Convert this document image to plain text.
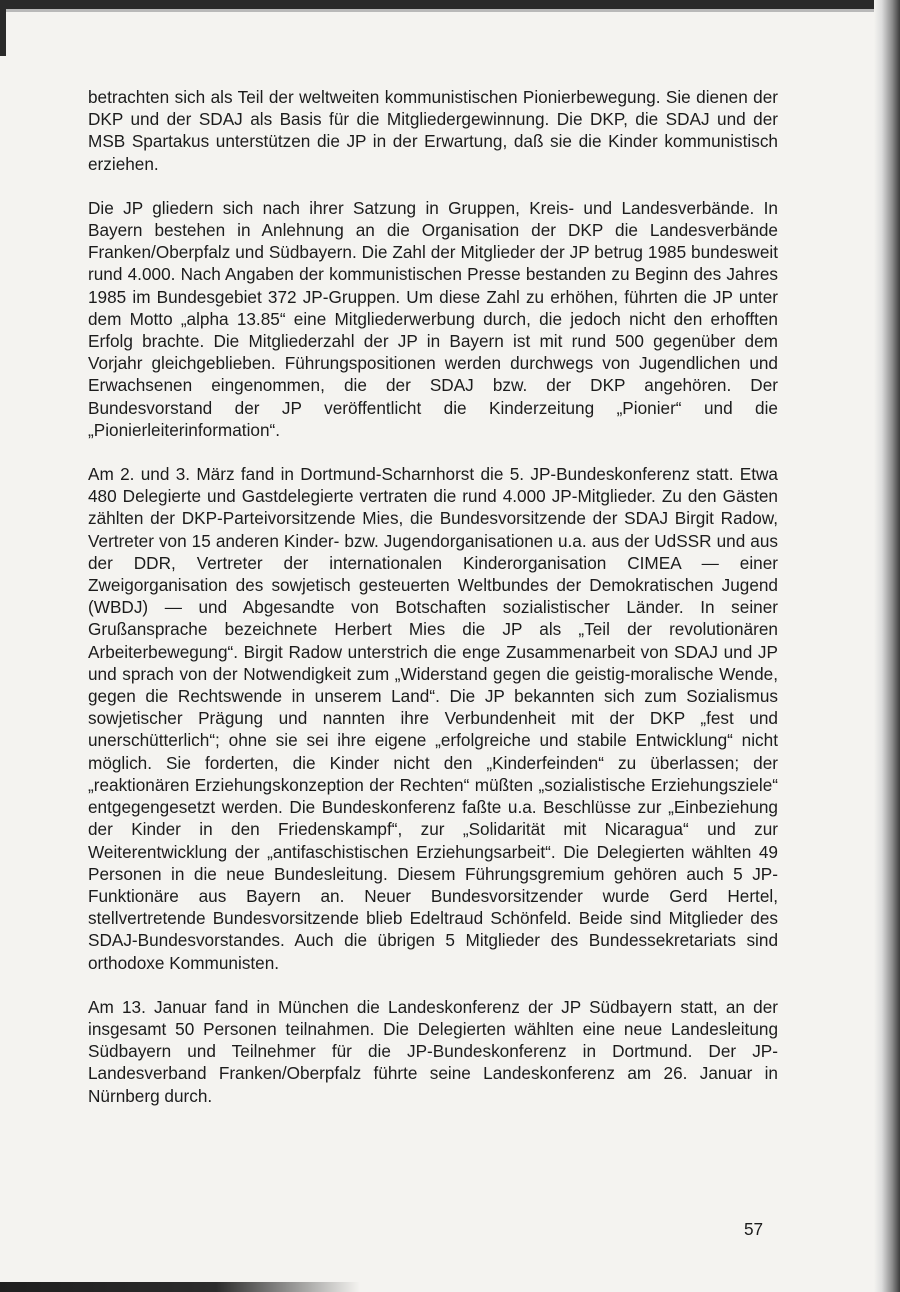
betrachten sich als Teil der weltweiten kommunistischen Pionierbewegung. Sie dienen der DKP und der SDAJ als Basis für die Mitgliedergewinnung. Die DKP, die SDAJ und der MSB Spartakus unterstützen die JP in der Erwartung, daß sie die Kinder kommunistisch erziehen.

Die JP gliedern sich nach ihrer Satzung in Gruppen, Kreis- und Landesverbände. In Bayern bestehen in Anlehnung an die Organisation der DKP die Landesverbände Franken/Oberpfalz und Südbayern. Die Zahl der Mitglieder der JP betrug 1985 bundesweit rund 4.000. Nach Angaben der kommunistischen Presse bestanden zu Beginn des Jahres 1985 im Bundesgebiet 372 JP-Gruppen. Um diese Zahl zu erhöhen, führten die JP unter dem Motto „alpha 13.85“ eine Mitgliederwerbung durch, die jedoch nicht den erhofften Erfolg brachte. Die Mitgliederzahl der JP in Bayern ist mit rund 500 gegenüber dem Vorjahr gleichgeblieben. Führungspositionen werden durchwegs von Jugendlichen und Erwachsenen eingenommen, die der SDAJ bzw. der DKP angehören. Der Bundesvorstand der JP veröffentlicht die Kinderzeitung „Pionier“ und die „Pionierleiterinformation“.

Am 2. und 3. März fand in Dortmund-Scharnhorst die 5. JP-Bundeskonferenz statt. Etwa 480 Delegierte und Gastdelegierte vertraten die rund 4.000 JP-Mitglieder. Zu den Gästen zählten der DKP-Parteivorsitzende Mies, die Bundesvorsitzende der SDAJ Birgit Radow, Vertreter von 15 anderen Kinder- bzw. Jugendorganisationen u.a. aus der UdSSR und aus der DDR, Vertreter der internationalen Kinderorganisation CIMEA — einer Zweigorganisation des sowjetisch gesteuerten Weltbundes der Demokratischen Jugend (WBDJ) — und Abgesandte von Botschaften sozialistischer Länder. In seiner Grußansprache bezeichnete Herbert Mies die JP als „Teil der revolutionären Arbeiterbewegung“. Birgit Radow unterstrich die enge Zusammenarbeit von SDAJ und JP und sprach von der Notwendigkeit zum „Widerstand gegen die geistig-moralische Wende, gegen die Rechtswende in unserem Land“. Die JP bekannten sich zum Sozialismus sowjetischer Prägung und nannten ihre Verbundenheit mit der DKP „fest und unerschütterlich“; ohne sie sei ihre eigene „erfolgreiche und stabile Entwicklung“ nicht möglich. Sie forderten, die Kinder nicht den „Kinderfeinden“ zu überlassen; der „reaktionären Erziehungskonzeption der Rechten“ müßten „sozialistische Erziehungsziele“ entgegengesetzt werden. Die Bundeskonferenz faßte u.a. Beschlüsse zur „Einbeziehung der Kinder in den Friedenskampf“, zur „Solidarität mit Nicaragua“ und zur Weiterentwicklung der „antifaschistischen Erziehungsarbeit“. Die Delegierten wählten 49 Personen in die neue Bundesleitung. Diesem Führungsgremium gehören auch 5 JP-Funktionäre aus Bayern an. Neuer Bundesvorsitzender wurde Gerd Hertel, stellvertretende Bundesvorsitzende blieb Edeltraud Schönfeld. Beide sind Mitglieder des SDAJ-Bundesvorstandes. Auch die übrigen 5 Mitglieder des Bundessekretariats sind orthodoxe Kommunisten.

Am 13. Januar fand in München die Landeskonferenz der JP Südbayern statt, an der insgesamt 50 Personen teilnahmen. Die Delegierten wählten eine neue Landesleitung Südbayern und Teilnehmer für die JP-Bundeskonferenz in Dortmund. Der JP-Landesverband Franken/Oberpfalz führte seine Landeskonferenz am 26. Januar in Nürnberg durch.

57
